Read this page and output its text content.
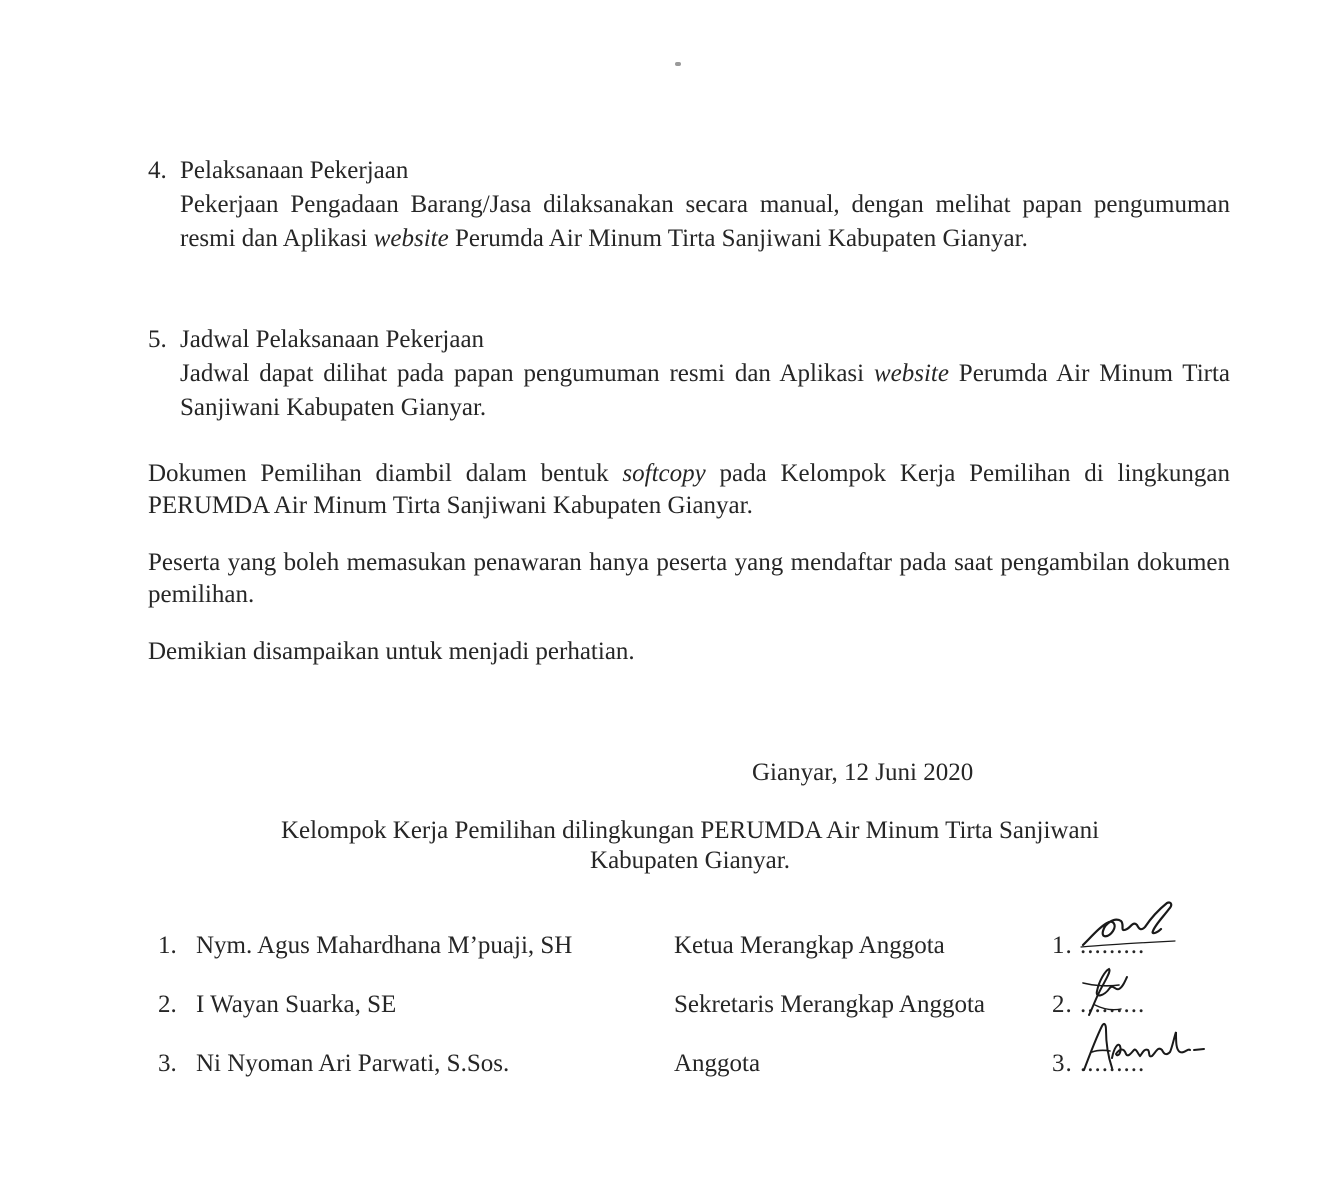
4. Pelaksanaan Pekerjaan
Pekerjaan Pengadaan Barang/Jasa dilaksanakan secara manual, dengan melihat papan pengumuman resmi dan Aplikasi website Perumda Air Minum Tirta Sanjiwani Kabupaten Gianyar.
5. Jadwal Pelaksanaan Pekerjaan
Jadwal dapat dilihat pada papan pengumuman resmi dan Aplikasi website Perumda Air Minum Tirta Sanjiwani Kabupaten Gianyar.
Dokumen Pemilihan diambil dalam bentuk softcopy pada Kelompok Kerja Pemilihan di lingkungan PERUMDA Air Minum Tirta Sanjiwani Kabupaten Gianyar.
Peserta yang boleh memasukan penawaran hanya peserta yang mendaftar pada saat pengambilan dokumen pemilihan.
Demikian disampaikan untuk menjadi perhatian.
Gianyar, 12 Juni 2020
Kelompok Kerja Pemilihan dilingkungan PERUMDA Air Minum Tirta Sanjiwani
Kabupaten Gianyar.
1. Nym. Agus Mahardhana M’puaji, SH	Ketua Merangkap Anggota	1. .........
2. I Wayan Suarka, SE	Sekretaris Merangkap Anggota	2. .........
3. Ni Nyoman Ari Parwati, S.Sos.	Anggota	3. .........
